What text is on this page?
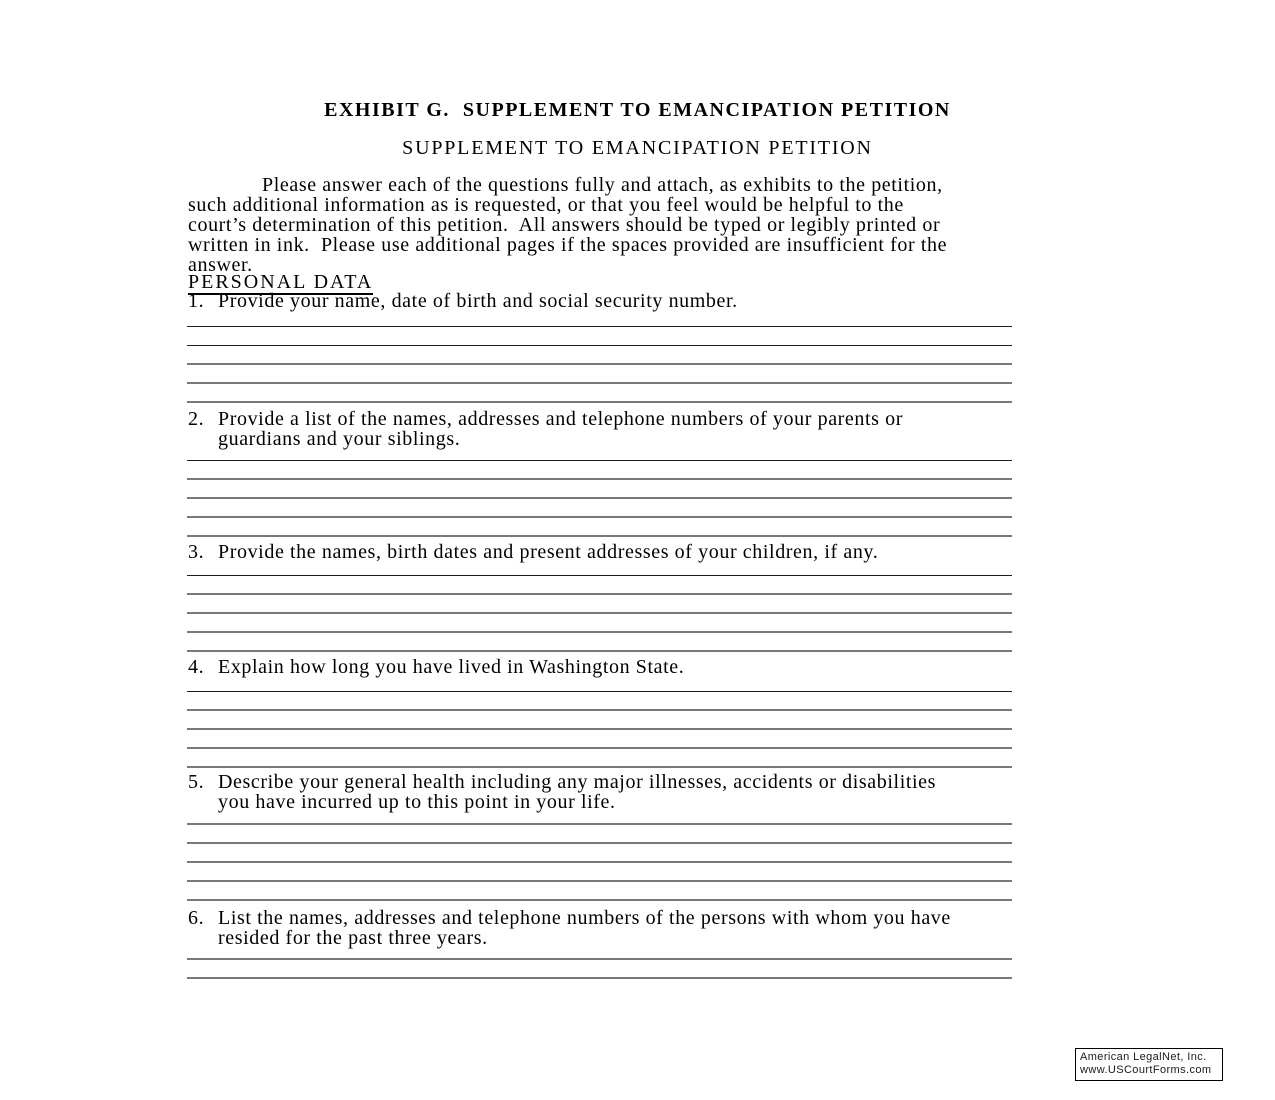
EXHIBIT G.  SUPPLEMENT TO EMANCIPATION PETITION
SUPPLEMENT TO EMANCIPATION PETITION
Please answer each of the questions fully and attach, as exhibits to the petition,
such additional information as is requested, or that you feel would be helpful to the
court’s determination of this petition.  All answers should be typed or legibly printed or
written in ink.  Please use additional pages if the spaces provided are insufficient for the
answer.
PERSONAL DATA
1. Provide your name, date of birth and social security number.
2. Provide a list of the names, addresses and telephone numbers of your parents or
guardians and your siblings.
3. Provide the names, birth dates and present addresses of your children, if any.
4. Explain how long you have lived in Washington State.
5. Describe your general health including any major illnesses, accidents or disabilities
you have incurred up to this point in your life.
6. List the names, addresses and telephone numbers of the persons with whom you have
resided for the past three years.
American LegalNet, Inc.
www.USCourtForms.com
